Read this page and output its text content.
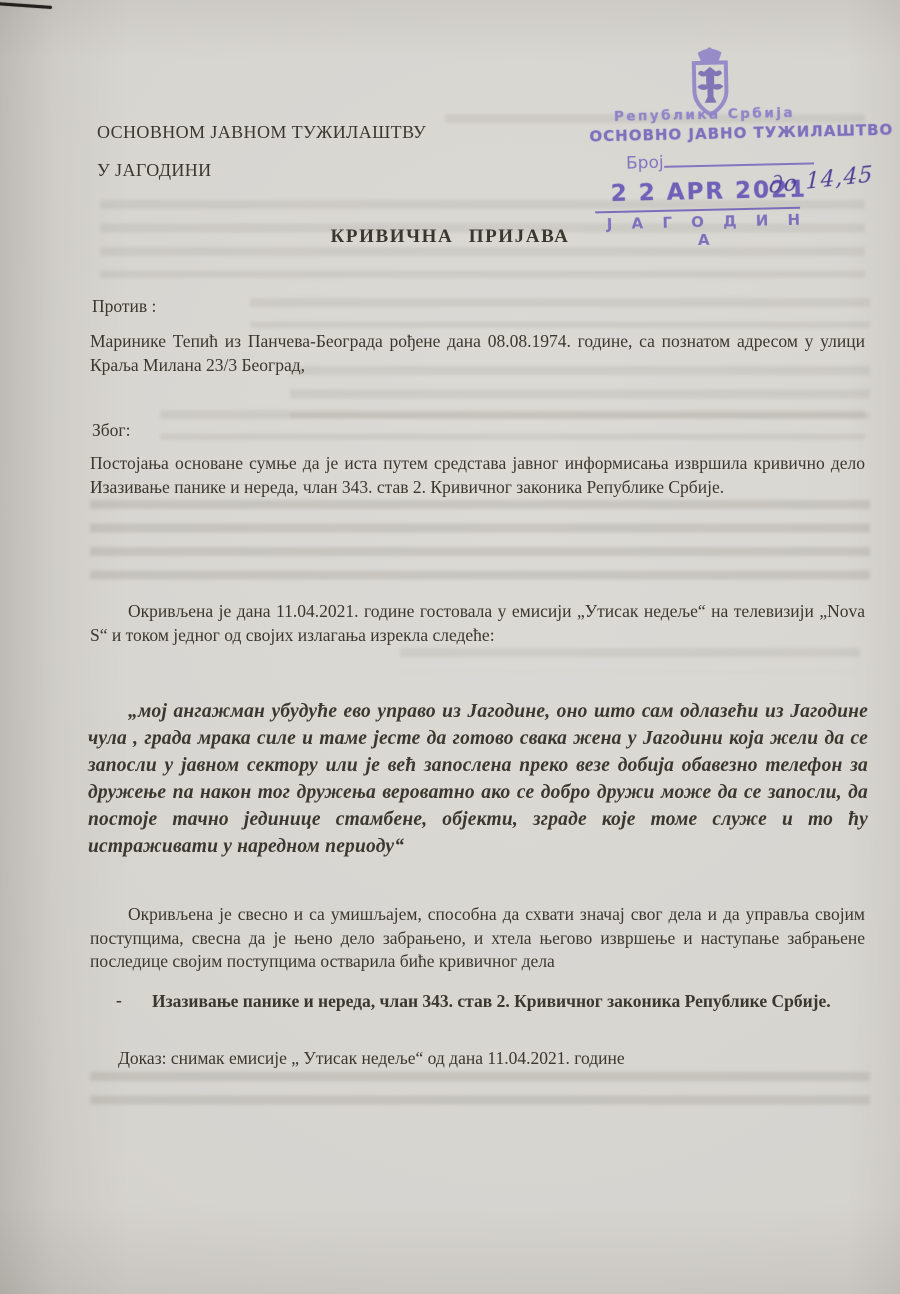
ОСНОВНОМ ЈАВНОМ ТУЖИЛАШТВУ
У ЈАГОДИНИ
Република Србија
ОСНОВНО ЈАВНО ТУЖИЛАШТВО
Број
2 2 APR 2021
до 14,45
Ј А Г О Д И Н А
КРИВИЧНА ПРИЈАВА
Против :

Маринике Тепић из Панчева-Београда рођене дана 08.08.1974. године, са познатом адресом у улици Краља Милана 23/3 Београд,

Због:

Постојања основане сумње да је иста путем средстава јавног информисања извршила кривично дело Изазивање панике и нереда, члан 343. став 2. Кривичног законика Републике Србије.

Окривљена је дана 11.04.2021. године гостовала у емисији „Утисак недеље“ на телевизији „Nova S“ и током једног од својих излагања изрекла следеће:

„мој ангажман убудуће ево управо из Јагодине, оно што сам одлазећи из Јагодине чула , града мрака силе и таме јесте да готово свака жена у Јагодини која жели да се запосли у јавном сектору или је већ запослена преко везе добија обавезно телефон за дружење па након тог дружења вероватно ако се добро дружи може да се запосли, да постоје тачно јединице стамбене, објекти, зграде које томе служе и то ћу истраживати у наредном периоду“

Окривљена је свесно и са умишљајем, способна да схвати значај свог дела и да управља својим поступцима, свесна да је њено дело забрањено, и хтела његово извршење и наступање забрањене последице својим поступцима остварила биће кривичног дела

-	Изазивање панике и нереда, члан 343. став 2. Кривичног законика Републике Србије.

Доказ: снимак емисије „ Утисак недеље“ од дана 11.04.2021. године
